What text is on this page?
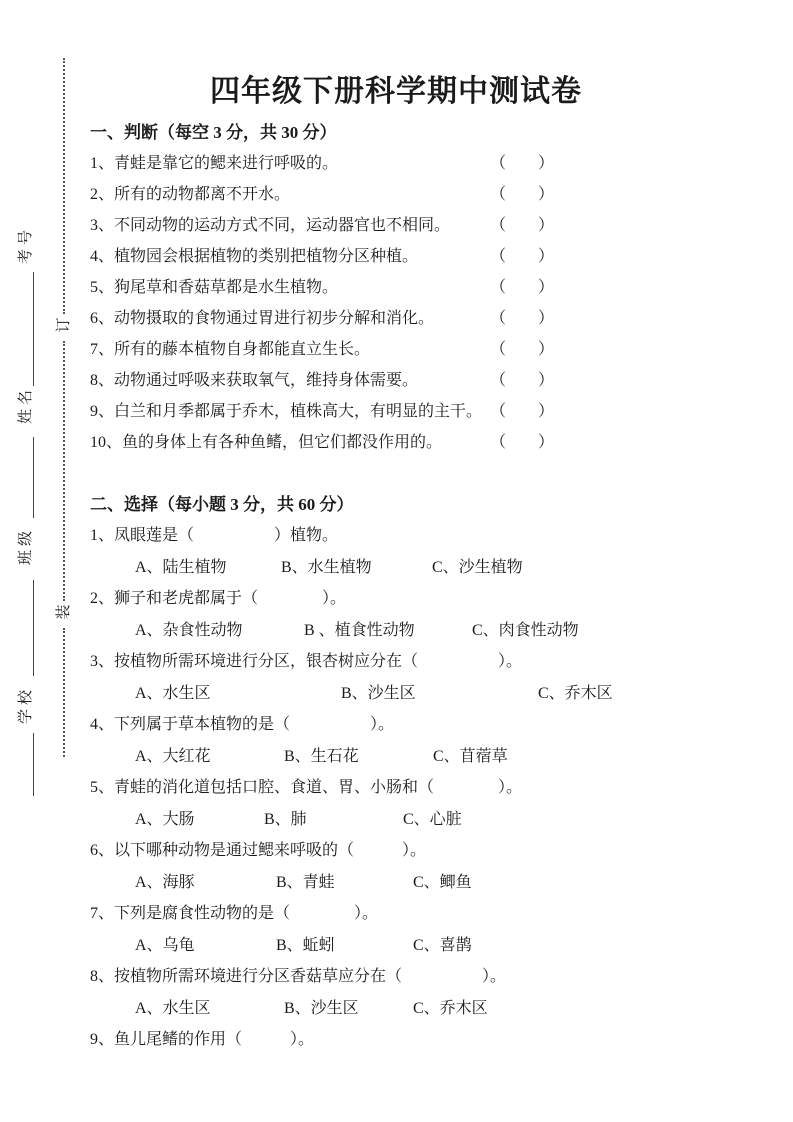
订
装
考号
姓名
班级
学校
四年级下册科学期中测试卷
一、判断（每空 3 分，共 30 分）
1、青蛙是靠它的鳃来进行呼吸的。	（　　）
2、所有的动物都离不开水。	（　　）
3、不同动物的运动方式不同，运动器官也不相同。 （　　）
4、植物园会根据植物的类别把植物分区种植。	（　　）
5、狗尾草和香菇草都是水生植物。	（　　）
6、动物摄取的食物通过胃进行初步分解和消化。	（　　）
7、所有的藤本植物自身都能直立生长。	（　　）
8、动物通过呼吸来获取氧气，维持身体需要。	（　　）
9、白兰和月季都属于乔木，植株高大，有明显的主干。 （　　）
10、鱼的身体上有各种鱼鳍，但它们都没作用的。	（　　）
二、选择（每小题 3 分，共 60 分）
1、凤眼莲是（　　　　　）植物。
A、陆生植物	B、水生植物	C、沙生植物
2、狮子和老虎都属于（　　　　）。
A、杂食性动物	B 、植食性动物	C、肉食性动物
3、按植物所需环境进行分区，银杏树应分在（　　　　　）。
A、水生区	B、沙生区	C、乔木区
4、下列属于草本植物的是（　　　　　）。
A、大红花	B、生石花	C、苜蓿草
5、青蛙的消化道包括口腔、食道、胃、小肠和（　　　　）。
A、大肠	B、肺	C、心脏
6、以下哪种动物是通过鳃来呼吸的（　　　）。
A、海豚	B、青蛙	C、鲫鱼
7、下列是腐食性动物的是（　　　　）。
A、乌龟	B、蚯蚓	C、喜鹊
8、按植物所需环境进行分区香菇草应分在（　　　　　）。
A、水生区	B、沙生区	C、乔木区
9、鱼儿尾鳍的作用（　　　）。
